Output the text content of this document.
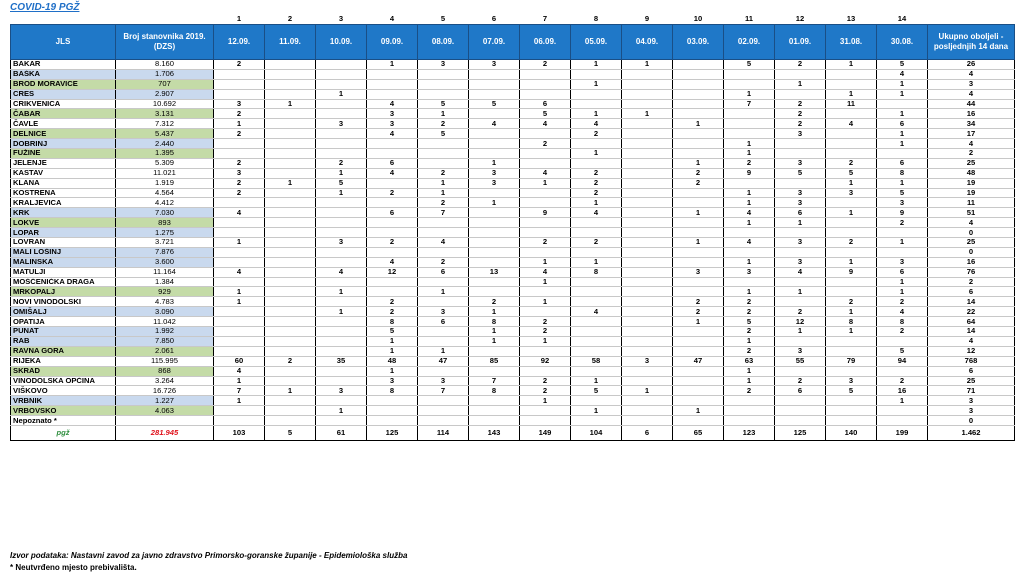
COVID-19 PGŽ
		1	2	3	4	5	6	7	8	9	10	11	12	13	14	
JLS	Broj stanovnika 2019. (DZS)	12.09.	11.09.	10.09.	09.09.	08.09.	07.09.	06.09.	05.09.	04.09.	03.09.	02.09.	01.09.	31.08.	30.08.	Ukupno oboljeli - posljednjih 14 dana
BAKAR	8.160	2			1	3	3	2	1	1		5	2	1	5	26
BAŠKA	1.706														4	4
BROD MORAVICE	707								1				1		1	3
CRES	2.907			1								1		1	1	4
CRIKVENICA	10.692	3	1		4	5	5	6				7	2	11		44
ČABAR	3.131	2			3	1		5	1	1			2		1	16
ČAVLE	7.312	1		3	3	2	4	4	4		1		2	4	6	34
DELNICE	5.437	2			4	5			2				3		1	17
DOBRINJ	2.440							2				1			1	4
FUŽINE	1.395								1			1				2
JELENJE	5.309	2		2	6		1				1	2	3	2	6	25
KASTAV	11.021	3		1	4	2	3	4	2		2	9	5	5	8	48
KLANA	1.919	2	1	5		1	3	1	2		2			1	1	19
KOSTRENA	4.564	2		1	2	1			2			1	3	3	5	19
KRALJEVICA	4.412					2	1		1			1	3		3	11
KRK	7.030	4			6	7		9	4		1	4	6	1	9	51
LOKVE	893											1	1		2	4
LOPAR	1.275															0
LOVRAN	3.721	1		3	2	4		2	2		1	4	3	2	1	25
MALI LOŠINJ	7.876															0
MALINSKA	3.600				4	2		1	1			1	3	1	3	16
MATULJI	11.164	4		4	12	6	13	4	8		3	3	4	9	6	76
MOŠĆENIČKA DRAGA	1.384							1							1	2
MRKOPALJ	929	1		1		1						1	1		1	6
NOVI VINODOLSKI	4.783	1			2		2	1			2	2		2	2	14
OMIŠALJ	3.090			1	2	3	1		4		2	2	2	1	4	22
OPATIJA	11.042				8	6	8	2			1	5	12	8	8	64
PUNAT	1.992				5		1	2				2	1	1	2	14
RAB	7.850				1		1	1				1				4
RAVNA GORA	2.061				1	1						2	3		5	12
RIJEKA	115.995	60	2	35	48	47	85	92	58	3	47	63	55	79	94	768
SKRAD	868	4			1							1				6
VINODOLSKA OPĆINA	3.264	1			3	3	7	2	1			1	2	3	2	25
VIŠKOVO	16.726	7	1	3	8	7	8	2	5	1		2	6	5	16	71
VRBNIK	1.227	1						1							1	3
VRBOVSKO	4.063			1					1		1					3
Nepoznato *																0
pgž	281.945	103	5	61	125	114	143	149	104	6	65	123	125	140	199	1.462
Izvor podataka: Nastavni zavod za javno zdravstvo Primorsko-goranske županije - Epidemiološka služba
* Neutvrđeno mjesto prebivališta.
